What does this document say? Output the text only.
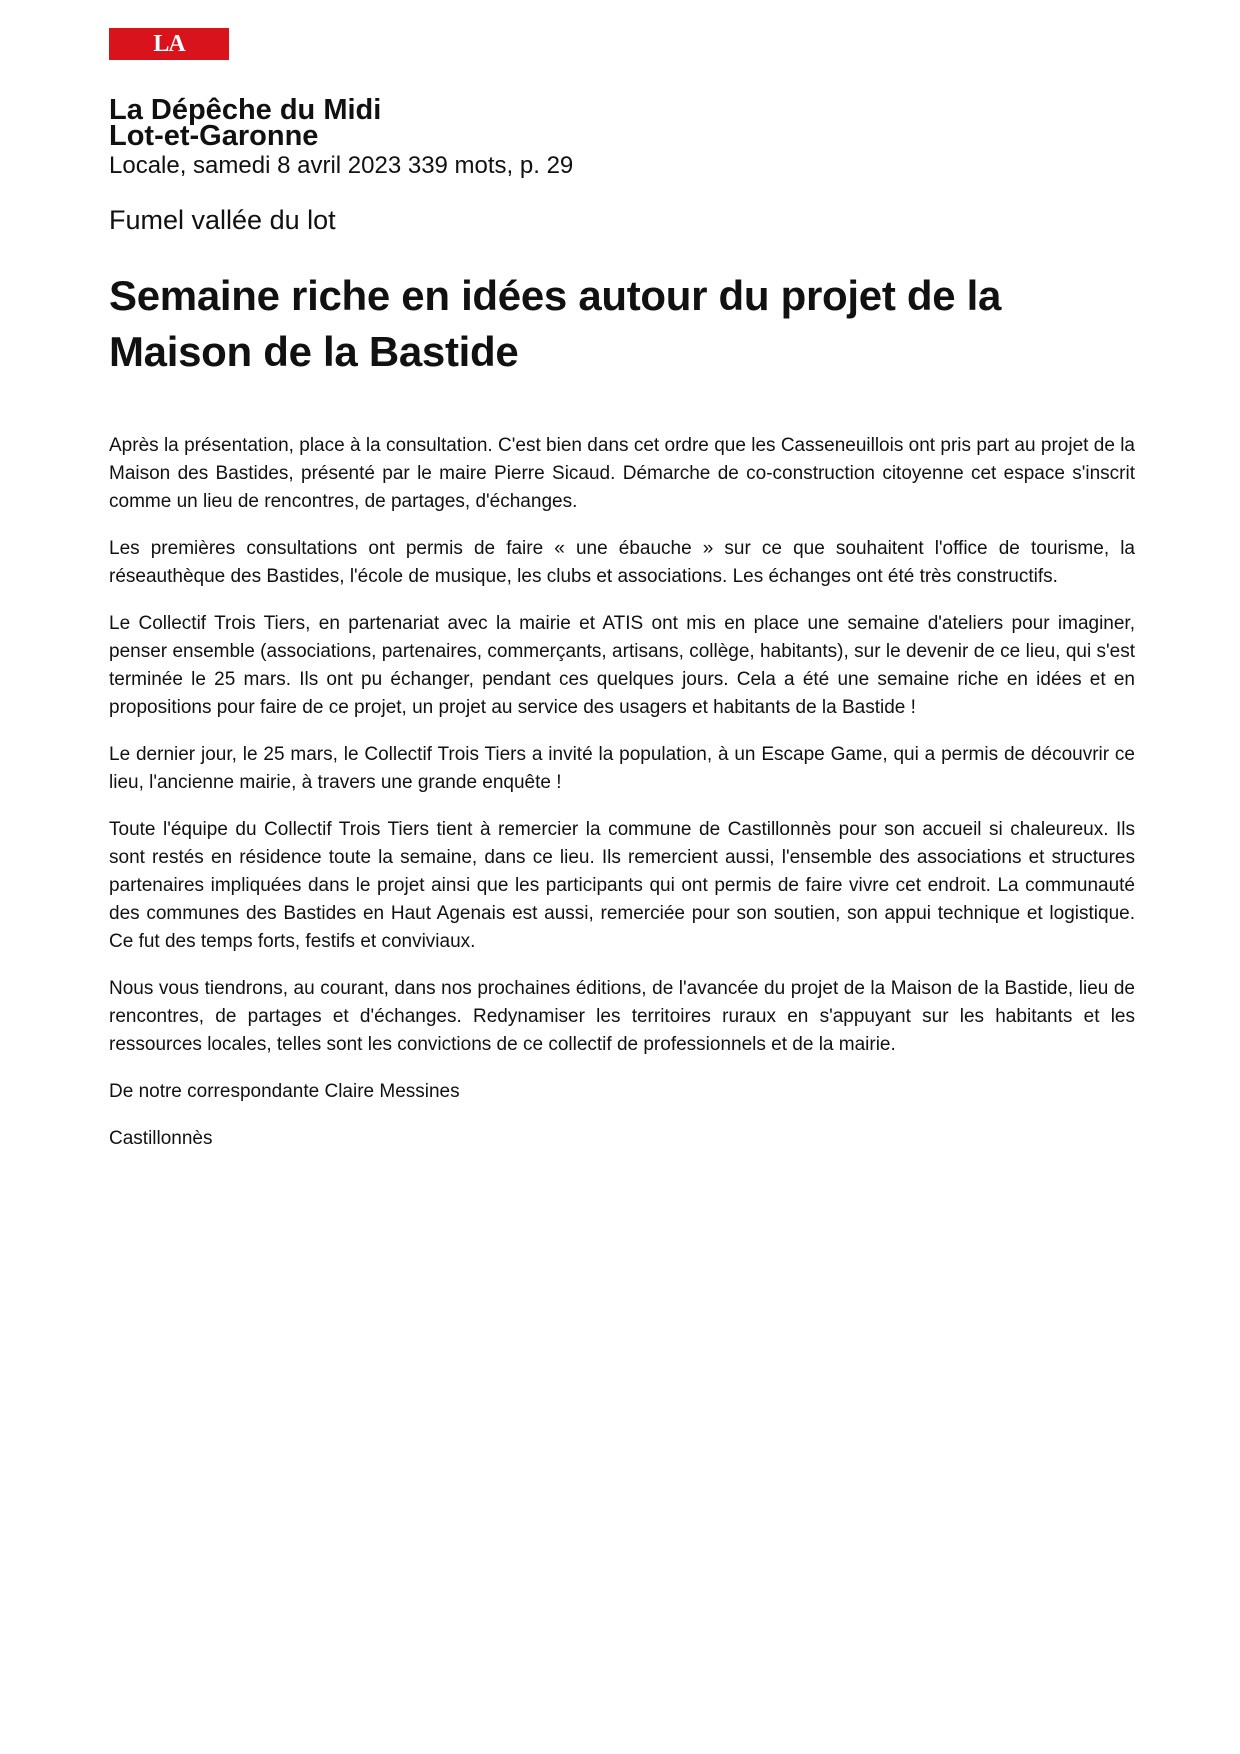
LA DÉPÊCHE
La Dépêche du Midi
Lot-et-Garonne
Locale, samedi 8 avril 2023 339 mots, p. 29
Fumel vallée du lot
Semaine riche en idées autour du projet de la Maison de la Bastide

Après la présentation, place à la consultation. C'est bien dans cet ordre que les Casseneuillois ont pris part au projet de la Maison des Bastides, présenté par le maire Pierre Sicaud. Démarche de co-construction citoyenne cet espace s'inscrit comme un lieu de rencontres, de partages, d'échanges.

Les premières consultations ont permis de faire « une ébauche » sur ce que souhaitent l'office de tourisme, la réseauthèque des Bastides, l'école de musique, les clubs et associations. Les échanges ont été très constructifs.

Le Collectif Trois Tiers, en partenariat avec la mairie et ATIS ont mis en place une semaine d'ateliers pour imaginer, penser ensemble (associations, partenaires, commerçants, artisans, collège, habitants), sur le devenir de ce lieu, qui s'est terminée le 25 mars. Ils ont pu échanger, pendant ces quelques jours. Cela a été une semaine riche en idées et en propositions pour faire de ce projet, un projet au service des usagers et habitants de la Bastide !

Le dernier jour, le 25 mars, le Collectif Trois Tiers a invité la population, à un Escape Game, qui a permis de découvrir ce lieu, l'ancienne mairie, à travers une grande enquête !

Toute l'équipe du Collectif Trois Tiers tient à remercier la commune de Castillonnès pour son accueil si chaleureux. Ils sont restés en résidence toute la semaine, dans ce lieu. Ils remercient aussi, l'ensemble des associations et structures partenaires impliquées dans le projet ainsi que les participants qui ont permis de faire vivre cet endroit. La communauté des communes des Bastides en Haut Agenais est aussi, remerciée pour son soutien, son appui technique et logistique. Ce fut des temps forts, festifs et conviviaux.

Nous vous tiendrons, au courant, dans nos prochaines éditions, de l'avancée du projet de la Maison de la Bastide, lieu de rencontres, de partages et d'échanges. Redynamiser les territoires ruraux en s'appuyant sur les habitants et les ressources locales, telles sont les convictions de ce collectif de professionnels et de la mairie.

De notre correspondante Claire Messines

Castillonnès
